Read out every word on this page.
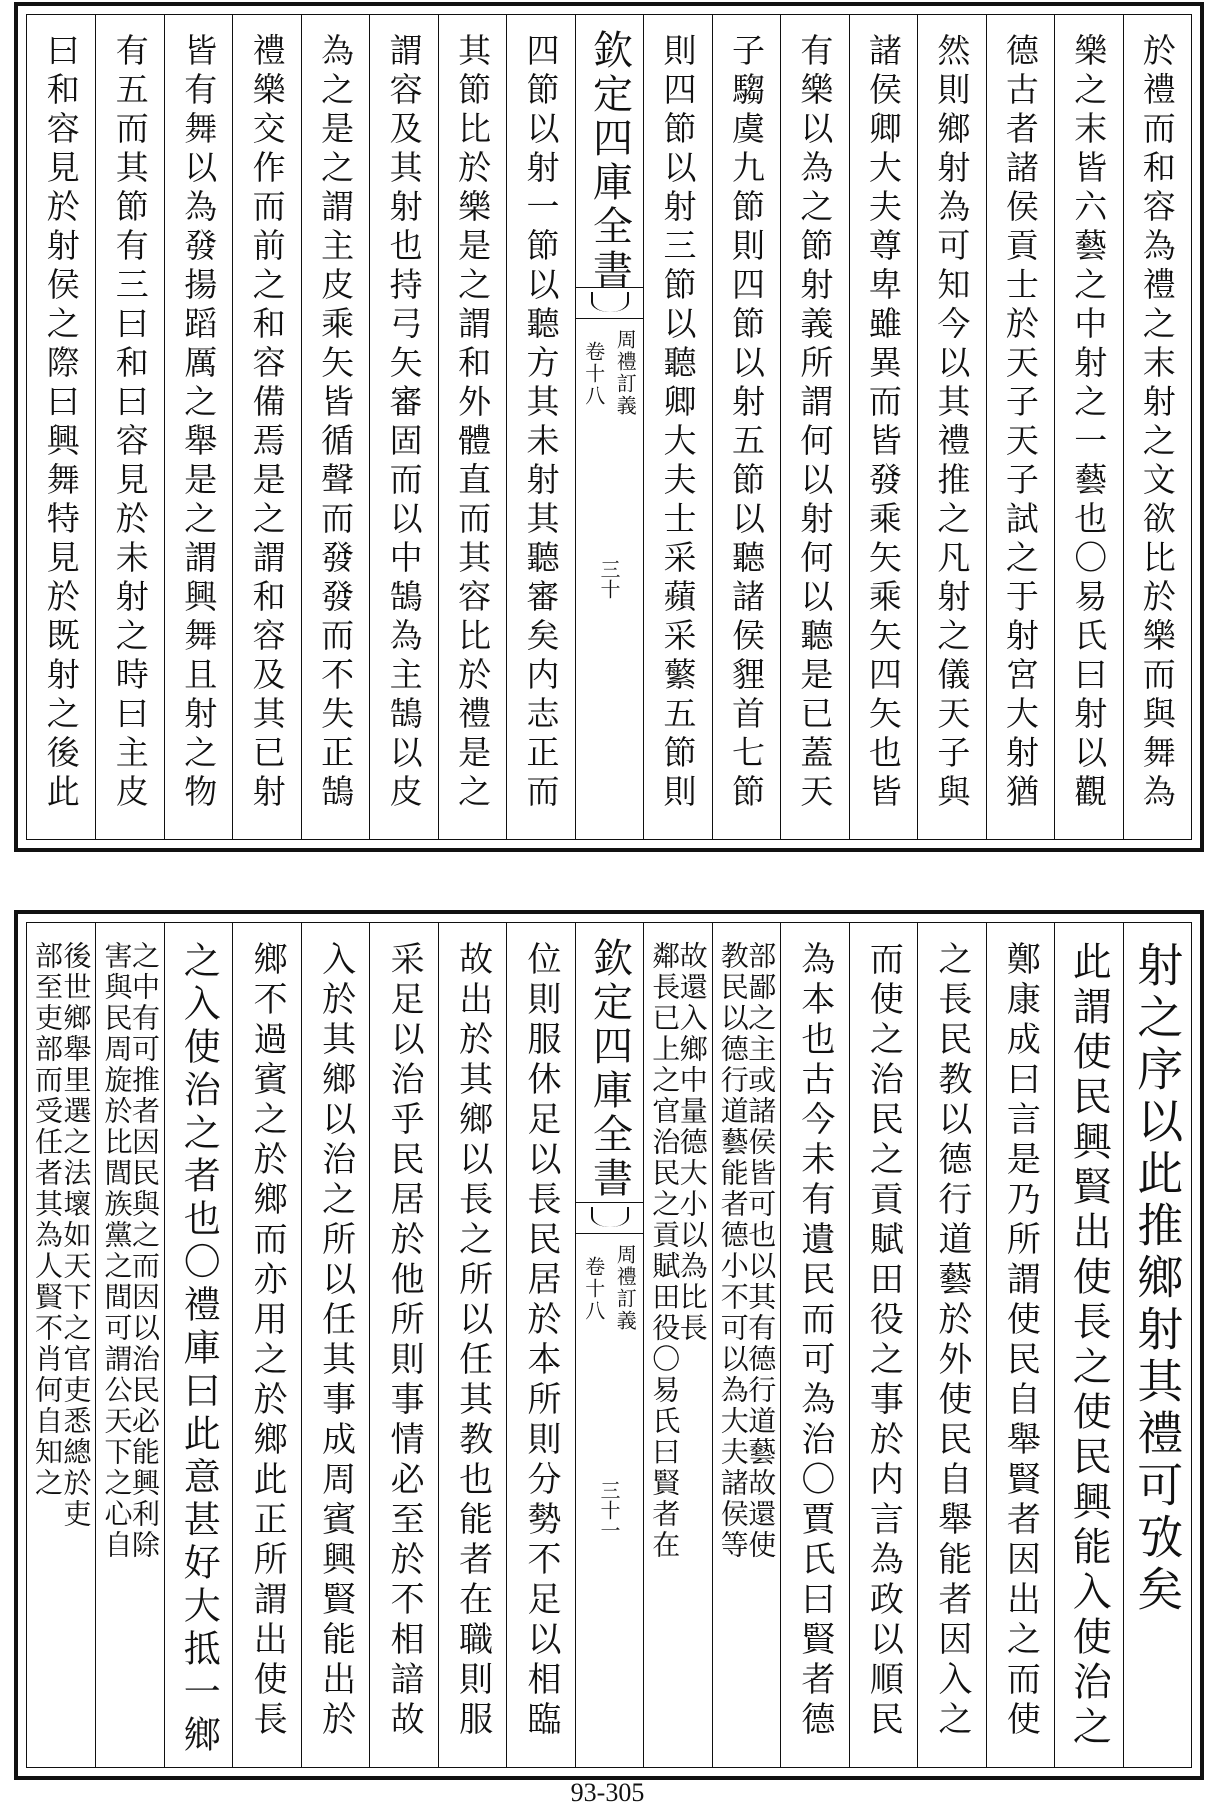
於禮而和容為禮之末射之文欲比於樂而與舞為
樂之末皆六藝之中射之一藝也〇易氏曰射以觀
德古者諸侯貢士於天子天子試之于射宮大射猶
然則鄉射為可知今以其禮推之凡射之儀天子與
諸侯卿大夫尊卑雖異而皆發乘矢乘矢四矢也皆
有樂以為之節射義所謂何以射何以聽是已蓋天
子騶虞九節則四節以射五節以聽諸侯貍首七節
則四節以射三節以聽卿大夫士采蘋采蘩五節則
欽定四庫全書
周禮訂義
卷十八
三十
四節以射一節以聽方其未射其聽審矣内志正而
其節比於樂是之謂和外體直而其容比於禮是之
謂容及其射也持弓矢審固而以中鵠為主鵠以皮
為之是之謂主皮乘矢皆循聲而發發而不失正鵠
禮樂交作而前之和容備焉是之謂和容及其已射
皆有舞以為發揚蹈厲之舉是之謂興舞且射之物
有五而其節有三曰和曰容見於未射之時曰主皮
曰和容見於射侯之際曰興舞特見於既射之後此
射之序以此推鄉射其禮可攷矣
此謂使民興賢出使長之使民興能入使治之
鄭康成曰言是乃所謂使民自舉賢者因出之而使
之長民教以德行道藝於外使民自舉能者因入之
而使之治民之貢賦田役之事於内言為政以順民
為本也古今未有遺民而可為治〇賈氏曰賢者德
部鄙之主或諸侯皆可也以其有德行道藝故還使
教民以德行道藝能者德小不可以為大夫諸侯等
故還入鄉中量德大小以為比長
鄰長已上之官治民之貢賦田役〇易氏曰賢者在
欽定四庫全書
周禮訂義
卷十八
三十一
位則服休足以長民居於本所則分勢不足以相臨
故出於其鄉以長之所以任其教也能者在職則服
采足以治乎民居於他所則事情必至於不相諳故
入於其鄉以治之所以任其事成周賓興賢能出於
鄉不過賓之於鄉而亦用之於鄉此正所謂出使長
之入使治之者也〇禮庫曰此意甚好大抵一鄉
之中有可推者因民與之而因以治民必能興利除
害與民周旋於比閭族黨之間可謂公天下之心自
後世鄉舉里選之法壞如天下之官吏悉總於吏
部至吏部而受任者其為人賢不肖何自知之
93-305
